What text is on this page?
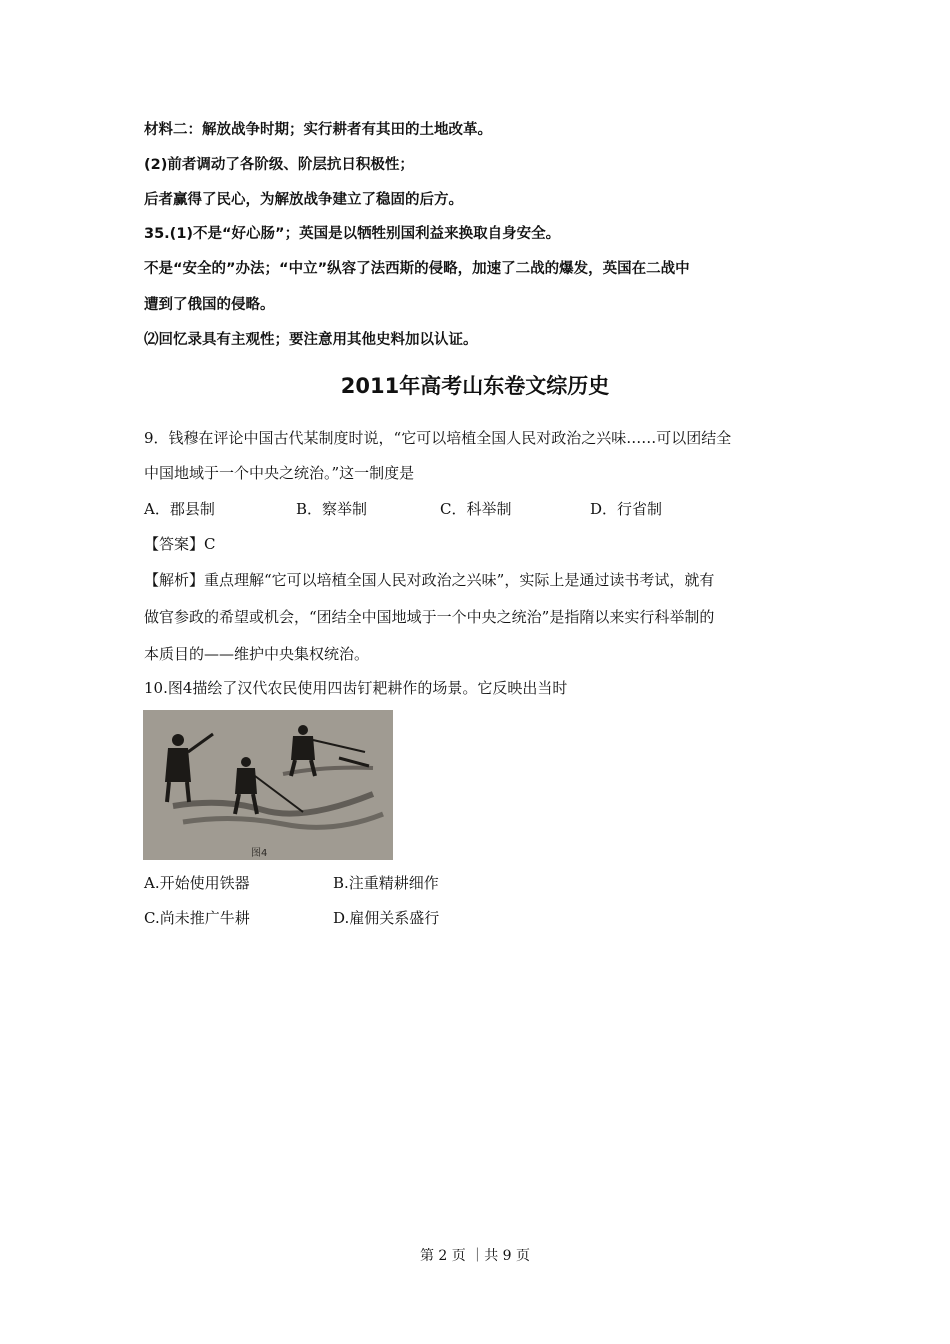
材料二：解放战争时期；实行耕者有其田的土地改革。
(2)前者调动了各阶级、阶层抗日积极性；
后者赢得了民心，为解放战争建立了稳固的后方。
35.(1)不是“好心肠”；英国是以牺牲别国利益来换取自身安全。
不是“安全的”办法；“中立”纵容了法西斯的侵略，加速了二战的爆发，英国在二战中
遭到了俄国的侵略。
⑵回忆录具有主观性；要注意用其他史料加以认证。
2011年高考山东卷文综历史
9．钱穆在评论中国古代某制度时说，“它可以培植全国人民对政治之兴味……可以团结全
中国地域于一个中央之统治。”这一制度是
A．郡县制	B．察举制	C．科举制	D．行省制
【答案】C
【解析】重点理解“它可以培植全国人民对政治之兴味”，实际上是通过读书考试，就有
做官参政的希望或机会，“团结全中国地域于一个中央之统治”是指隋以来实行科举制的
本质目的——维护中央集权统治。
10.图4描绘了汉代农民使用四齿钉耙耕作的场景。它反映出当时
图4
A.开始使用铁器	B.注重精耕细作
C.尚未推广牛耕	D.雇佣关系盛行
第 2 页 ｜共 9 页
